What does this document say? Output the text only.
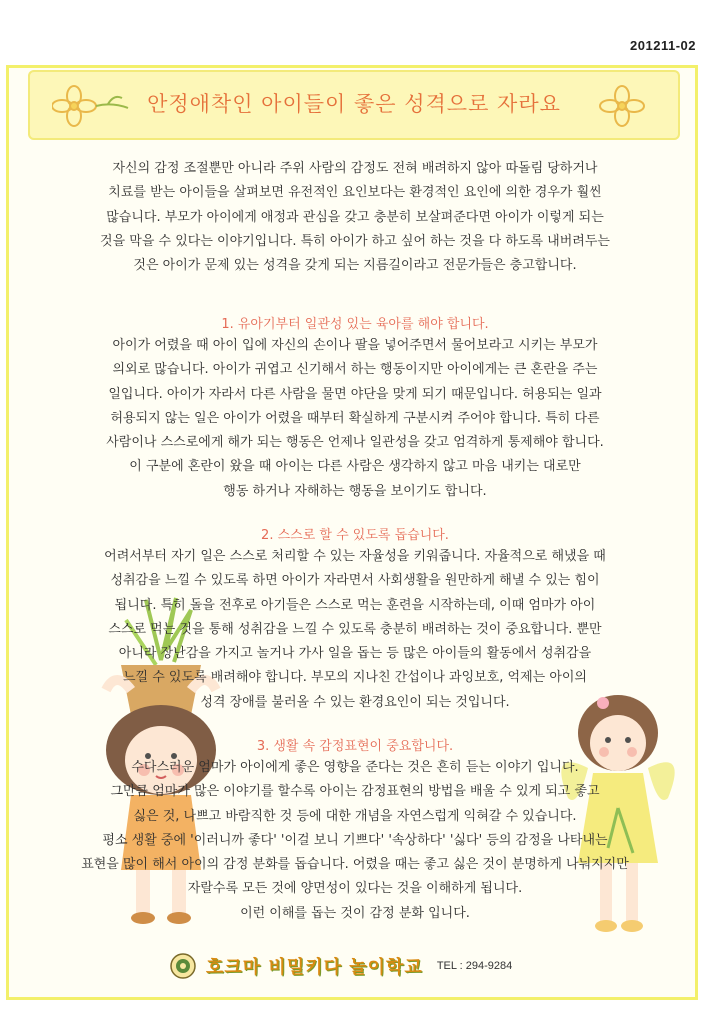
201211-02
안정애착인 아이들이 좋은 성격으로 자라요
자신의 감정 조절뿐만 아니라 주위 사람의 감정도 전혀 배려하지 않아 따돌림 당하거나
치료를 받는 아이들을 살펴보면 유전적인 요인보다는 환경적인 요인에 의한 경우가 훨씬
많습니다. 부모가 아이에게 애정과 관심을 갖고 충분히 보살펴준다면 아이가 이렇게 되는
것을 막을 수 있다는 이야기입니다. 특히 아이가 하고 싶어 하는 것을 다 하도록 내버려두는
것은 아이가 문제 있는 성격을 갖게 되는 지름길이라고 전문가들은 충고합니다.
1. 유아기부터 일관성 있는 육아를 해야 합니다.
아이가 어렸을 때 아이 입에 자신의 손이나 팔을 넣어주면서 물어보라고 시키는 부모가
의외로 많습니다. 아이가 귀엽고 신기해서 하는 행동이지만 아이에게는 큰 혼란을 주는
일입니다. 아이가 자라서 다른 사람을 물면 야단을 맞게 되기 때문입니다. 허용되는 일과
허용되지 않는 일은 아이가 어렸을 때부터 확실하게 구분시켜 주어야 합니다. 특히 다른
사람이나 스스로에게 해가 되는 행동은 언제나 일관성을 갖고 엄격하게 통제해야 합니다.
이 구분에 혼란이 왔을 때 아이는 다른 사람은 생각하지 않고 마음 내키는 대로만
행동 하거나 자해하는 행동을 보이기도 합니다.
2. 스스로 할 수 있도록 돕습니다.
어려서부터 자기 일은 스스로 처리할 수 있는 자율성을 키워줍니다. 자율적으로 해냈을 때
성취감을 느낄 수 있도록 하면 아이가 자라면서 사회생활을 원만하게 해낼 수 있는 힘이
됩니다. 특히 돌을 전후로 아기들은 스스로 먹는 훈련을 시작하는데, 이때 엄마가 아이
스스로 먹는 것을 통해 성취감을 느낄 수 있도록 충분히 배려하는 것이 중요합니다. 뿐만
아니라 장난감을 가지고 놀거나 가사 일을 돕는 등 많은 아이들의 활동에서 성취감을
느낄 수 있도록 배려해야 합니다. 부모의 지나친 간섭이나 과잉보호, 억제는 아이의
성격 장애를 불러올 수 있는 환경요인이 되는 것입니다.
3. 생활 속 감정표현이 중요합니다.
수다스러운 엄마가 아이에게 좋은 영향을 준다는 것은 흔히 듣는 이야기 입니다.
그만큼 엄마가 많은 이야기를 할수록 아이는 감정표현의 방법을 배울 수 있게 되고 좋고
싫은 것, 나쁘고 바람직한 것 등에 대한 개념을 자연스럽게 익혀갈 수 있습니다.
평소 생활 중에 '이러니까 좋다' '이걸 보니 기쁘다' '속상하다' '싫다' 등의 감정을 나타내는
표현을 많이 해서 아이의 감정 분화를 돕습니다. 어렸을 때는 좋고 싫은 것이 분명하게 나눠지지만
자랄수록 모든 것에 양면성이 있다는 것을 이해하게 됩니다.
이런 이해를 돕는 것이 감정 분화 입니다.
호크마 비밀키다 놀이학교 TEL : 294-9284
